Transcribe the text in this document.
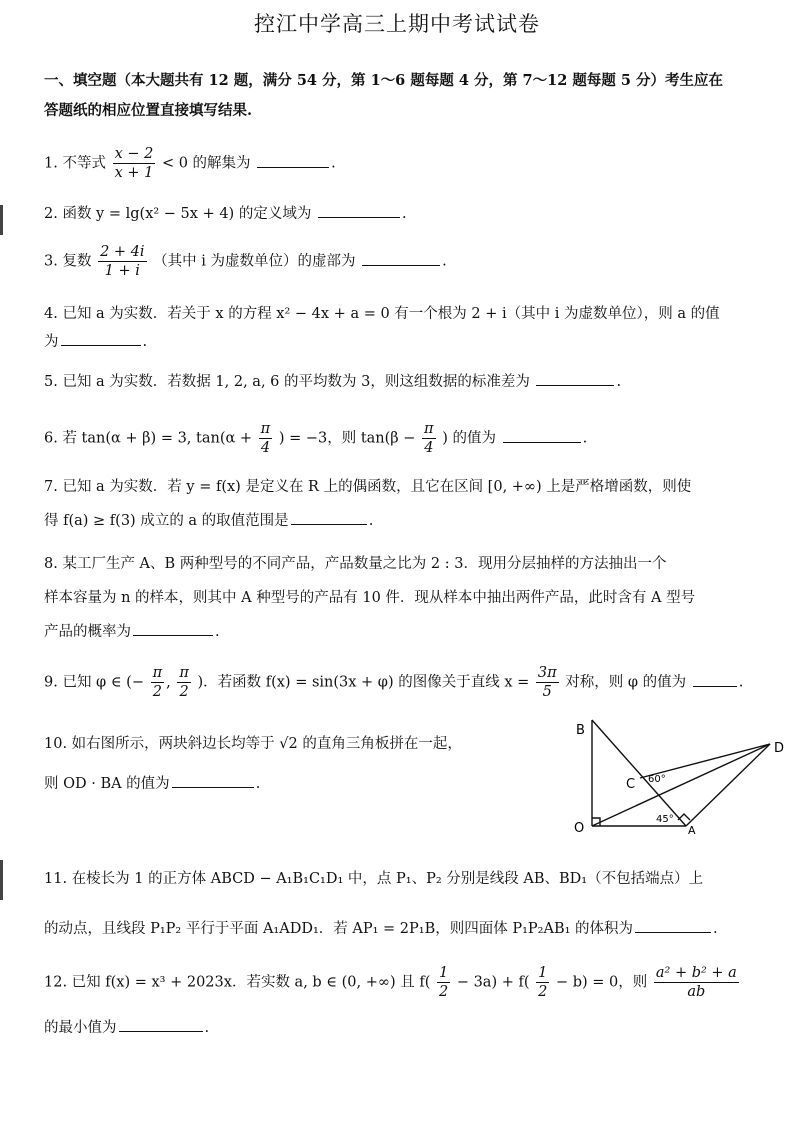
控江中学高三上期中考试试卷
一、填空题（本大题共有 12 题，满分 54 分，第 1～6 题每题 4 分，第 7～12 题每题 5 分）考生应在
答题纸的相应位置直接填写结果.
1. 不等式 $\frac{x - 2}{x + 1} < 0$ 的解集为	.
2. 函数 y = lg(x² − 5x + 4) 的定义域为	.
3. 复数 $\frac{2 + 4i}{1 + i}$ （其中 i 为虚数单位）的虚部为	.
4. 已知 a 为实数．若关于 x 的方程 x² − 4x + a = 0 有一个根为 2 + i（其中 i 为虚数单位），则 a 的值
为	.
5. 已知 a 为实数．若数据 1, 2, a, 6 的平均数为 3，则这组数据的标准差为	.
6. 若 tan(α + β) = 3, $\tan(\alpha + \frac{\pi}{4}$ ) = −3，则 $\tan(\beta - \frac{\pi}{4}$ ) 的值为	.
7. 已知 a 为实数．若 y = f(x) 是定义在 R 上的偶函数，且它在区间 [0, +∞) 上是严格增函数，则使
得 f(a) ≥ f(3) 成立的 a 的取值范围是	.
8. 某工厂生产 A、B 两种型号的不同产品，产品数量之比为 2 : 3．现用分层抽样的方法抽出一个
样本容量为 n 的样本，则其中 A 种型号的产品有 10 件．现从样本中抽出两件产品，此时含有 A 型号
产品的概率为	.
9. 已知 φ ∈ (− $\frac{\pi}{2}$ , $\frac{\pi}{2}$ )．若函数 f(x) = sin(3x + φ) 的图像关于直线 $x = \frac{3\pi}{5}$ 对称，则 φ 的值为	.
10. 如右图所示，两块斜边长均等于 √2 的直角三角板拼在一起，
则 OD · BA 的值为	.
B
D
C
O	A
60°
45°
11. 在棱长为 1 的正方体 ABCD − A₁B₁C₁D₁ 中，点 P₁、P₂ 分别是线段 AB、BD₁（不包括端点）上
的动点，且线段 P₁P₂ 平行于平面 A₁ADD₁．若 AP₁ = 2P₁B，则四面体 P₁P₂AB₁ 的体积为	.
12. 已知 f(x) = x³ + 2023x．若实数 a, b ∈ (0, +∞) 且 $f( \frac{1}{2} - 3a) + f( \frac{1}{2} - b) = 0$，则 $\frac{\text{a² + b² + a}}{ab}$
的最小值为	.
